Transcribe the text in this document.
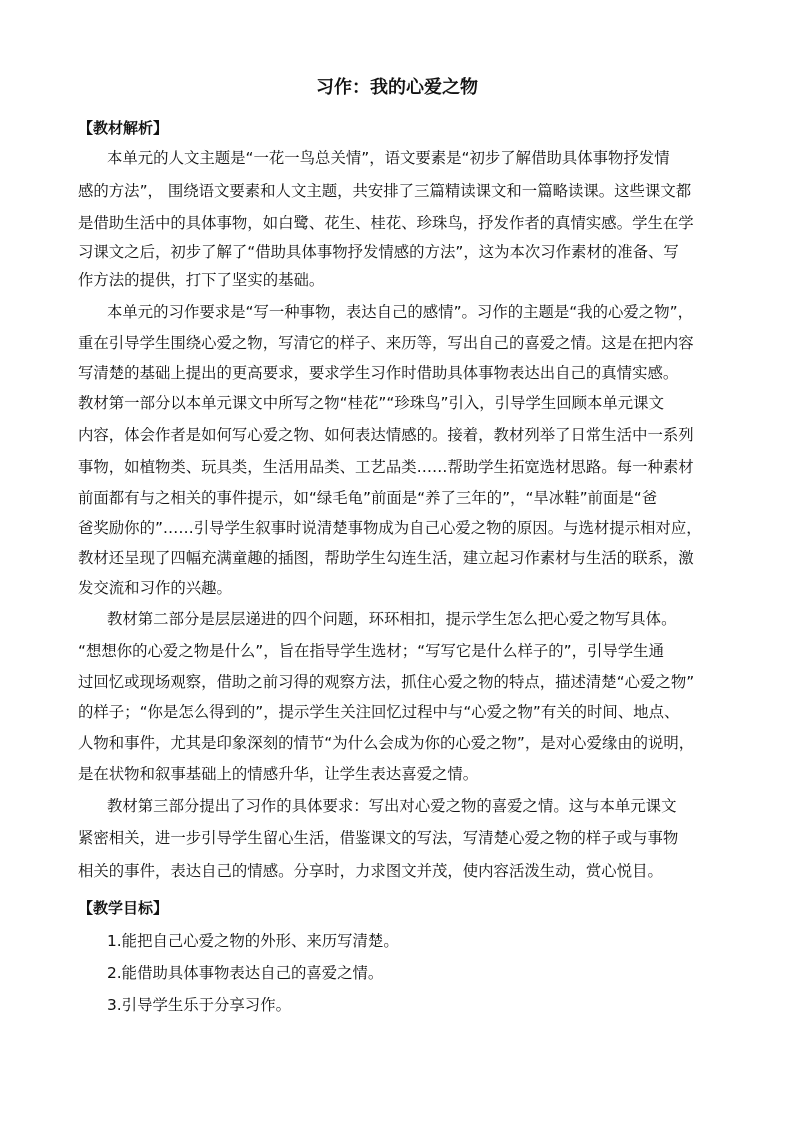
习作：我的心爱之物
【教材解析】
本单元的人文主题是“一花一鸟总关情”，语文要素是“初步了解借助具体事物抒发情
感的方法”， 围绕语文要素和人文主题，共安排了三篇精读课文和一篇略读课。这些课文都
是借助生活中的具体事物，如白鹭、花生、桂花、珍珠鸟，抒发作者的真情实感。学生在学
习课文之后，初步了解了“借助具体事物抒发情感的方法”，这为本次习作素材的准备、写
作方法的提供，打下了坚实的基础。
本单元的习作要求是“写一种事物，表达自己的感情”。习作的主题是“我的心爱之物”，
重在引导学生围绕心爱之物，写清它的样子、来历等，写出自己的喜爱之情。这是在把内容
写清楚的基础上提出的更高要求，要求学生习作时借助具体事物表达出自己的真情实感。
教材第一部分以本单元课文中所写之物“桂花”“珍珠鸟”引入，引导学生回顾本单元课文
内容，体会作者是如何写心爱之物、如何表达情感的。接着，教材列举了日常生活中一系列
事物，如植物类、玩具类，生活用品类、工艺品类……帮助学生拓宽选材思路。每一种素材
前面都有与之相关的事件提示，如“绿毛龟”前面是“养了三年的”，“旱冰鞋”前面是“爸
爸奖励你的”……引导学生叙事时说清楚事物成为自己心爱之物的原因。与选材提示相对应，
教材还呈现了四幅充满童趣的插图，帮助学生勾连生活，建立起习作素材与生活的联系，激
发交流和习作的兴趣。
教材第二部分是层层递进的四个问题，环环相扣，提示学生怎么把心爱之物写具体。
“想想你的心爱之物是什么”，旨在指导学生选材；“写写它是什么样子的”，引导学生通
过回忆或现场观察，借助之前习得的观察方法，抓住心爱之物的特点，描述清楚“心爱之物”
的样子；“你是怎么得到的”，提示学生关注回忆过程中与“心爱之物”有关的时间、地点、
人物和事件，尤其是印象深刻的情节“为什么会成为你的心爱之物”，是对心爱缘由的说明，
是在状物和叙事基础上的情感升华，让学生表达喜爱之情。
教材第三部分提出了习作的具体要求：写出对心爱之物的喜爱之情。这与本单元课文
紧密相关，进一步引导学生留心生活，借鉴课文的写法，写清楚心爱之物的样子或与事物
相关的事件，表达自己的情感。分享时，力求图文并茂，使内容活泼生动，赏心悦目。
【教学目标】
1.能把自己心爱之物的外形、来历写清楚。
2.能借助具体事物表达自己的喜爱之情。
3.引导学生乐于分享习作。
